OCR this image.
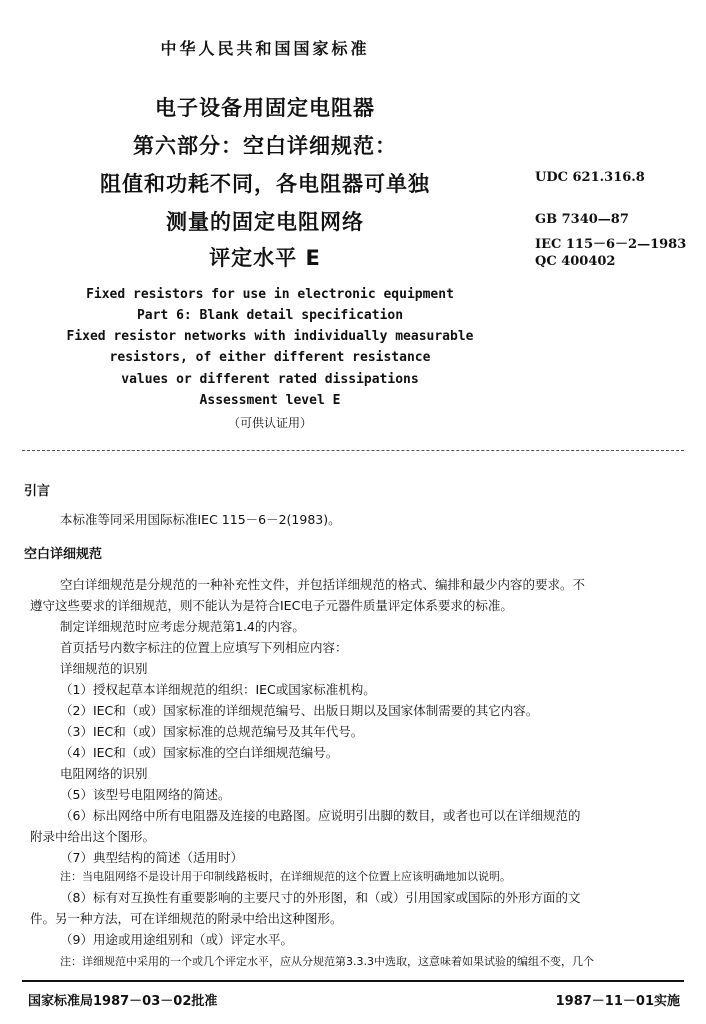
中华人民共和国国家标准
电子设备用固定电阻器
第六部分：空白详细规范：
阻值和功耗不同，各电阻器可单独
测量的固定电阻网络
评定水平 E
UDC 621.316.8
GB 7340—87
IEC 115－6－2—1983
QC 400402
Fixed resistors for use in electronic equipment
Part 6: Blank detail specification
Fixed resistor networks with individually measurable
resistors, of either different resistance
values or different rated dissipations
Assessment level E
（可供认证用）
引言
本标准等同采用国际标准IEC 115－6－2(1983)。
空白详细规范
空白详细规范是分规范的一种补充性文件，并包括详细规范的格式、编排和最少内容的要求。不
遵守这些要求的详细规范，则不能认为是符合IEC电子元器件质量评定体系要求的标准。
制定详细规范时应考虑分规范第1.4的内容。
首页括号内数字标注的位置上应填写下列相应内容：
详细规范的识别
（1）授权起草本详细规范的组织：IEC或国家标准机构。
（2）IEC和（或）国家标准的详细规范编号、出版日期以及国家体制需要的其它内容。
（3）IEC和（或）国家标准的总规范编号及其年代号。
（4）IEC和（或）国家标准的空白详细规范编号。
电阻网络的识别
（5）该型号电阻网络的简述。
（6）标出网络中所有电阻器及连接的电路图。应说明引出脚的数目，或者也可以在详细规范的
附录中给出这个图形。
（7）典型结构的简述（适用时）
注：当电阻网络不是设计用于印制线路板时，在详细规范的这个位置上应该明确地加以说明。
（8）标有对互换性有重要影响的主要尺寸的外形图，和（或）引用国家或国际的外形方面的文
件。另一种方法，可在详细规范的附录中给出这种图形。
（9）用途或用途组别和（或）评定水平。
注：详细规范中采用的一个或几个评定水平，应从分规范第3.3.3中选取，这意味着如果试验的编组不变，几个
国家标准局1987－03－02批准	1987－11－01实施
